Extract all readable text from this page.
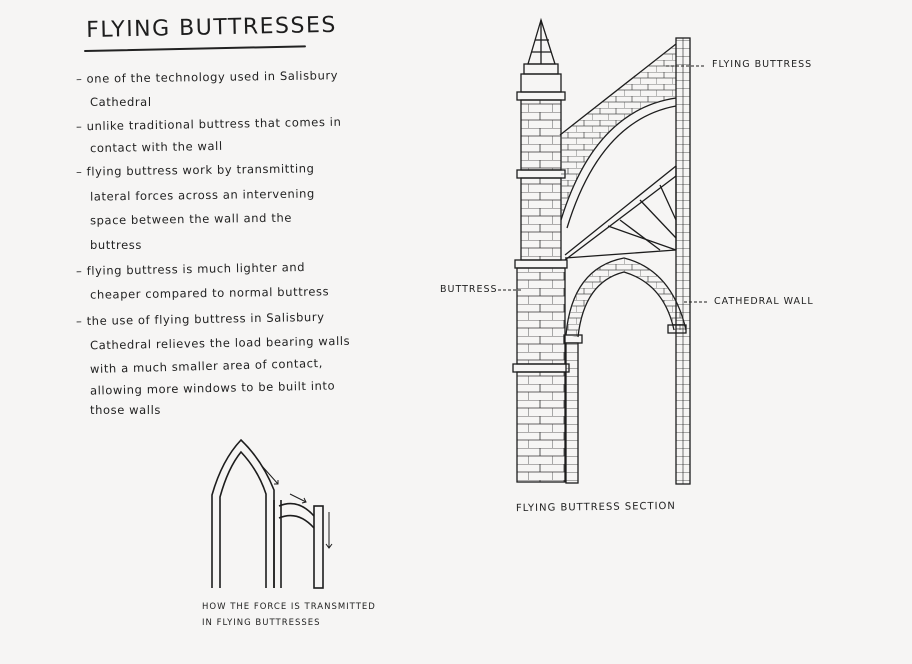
FLYING BUTTRESSES
– one of the technology used in Salisbury
Cathedral
– unlike traditional buttress that comes in
contact with the wall
– flying buttress work by transmitting
lateral forces across an intervening
space between the wall and the
buttress
– flying buttress is much lighter and
cheaper compared to normal buttress
– the use of flying buttress in Salisbury
Cathedral relieves the load bearing walls
with a much smaller area of contact,
allowing more windows to be built into
those walls
FLYING BUTTRESS
BUTTRESS
CATHEDRAL WALL
FLYING BUTTRESS SECTION
HOW THE FORCE IS TRANSMITTED
IN FLYING BUTTRESSES
